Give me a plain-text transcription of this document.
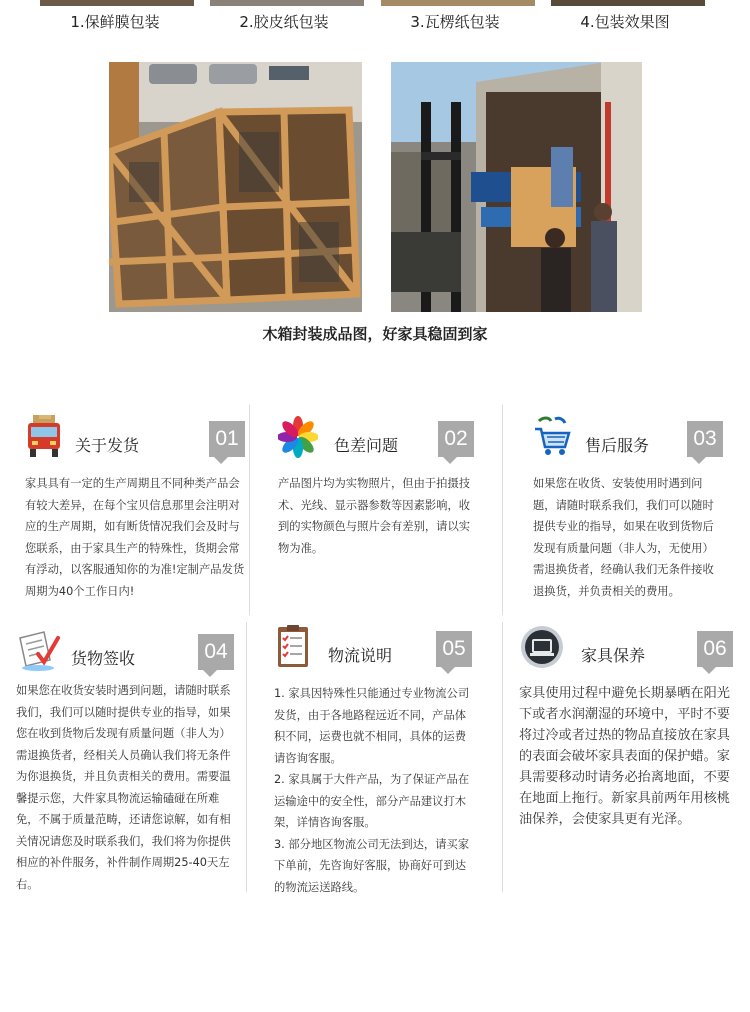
1.保鲜膜包装	2.胶皮纸包装	3.瓦楞纸包装	4.包装效果图
木箱封装成品图，好家具稳固到家
关于发货	01

家具具有一定的生产周期且不同种类产品会有较大差异，在每个宝贝信息那里会注明对应的生产周期，如有断货情况我们会及时与您联系，由于家具生产的特殊性，货期会常有浮动，以客服通知你的为准!定制产品发货周期为40个工作日内!

色差问题	02

产品图片均为实物照片，但由于拍摄技术、光线、显示器参数等因素影响，收到的实物颜色与照片会有差别，请以实物为准。

售后服务	03

如果您在收货、安装使用时遇到问题，请随时联系我们，我们可以随时提供专业的指导，如果在收到货物后发现有质量问题（非人为，无使用）需退换货者，经确认我们无条件接收退换货，并负责相关的费用。

货物签收	04

如果您在收货安装时遇到问题，请随时联系我们，我们可以随时提供专业的指导，如果您在收到货物后发现有质量问题（非人为）需退换货者，经相关人员确认我们将无条件为你退换货，并且负责相关的费用。需要温馨提示您，大件家具物流运输磕碰在所难免，不属于质量范畴，还请您谅解，如有相关情况请您及时联系我们，我们将为你提供相应的补件服务，补件制作周期25-40天左右。

物流说明	05

1. 家具因特殊性只能通过专业物流公司发货，由于各地路程远近不同，产品体积不同，运费也就不相同，具体的运费请咨询客服。

2. 家具属于大件产品，为了保证产品在运输途中的安全性，部分产品建议打木架，详情咨询客服。

3. 部分地区物流公司无法到达，请买家下单前，先咨询好客服，协商好可到达的物流运送路线。

家具保养	06

家具使用过程中避免长期暴晒在阳光下或者水润潮湿的环境中，平时不要将过冷或者过热的物品直接放在家具的表面会破坏家具表面的保护蜡。家具需要移动时请务必抬离地面，不要在地面上拖行。新家具前两年用核桃油保养，会使家具更有光泽。
